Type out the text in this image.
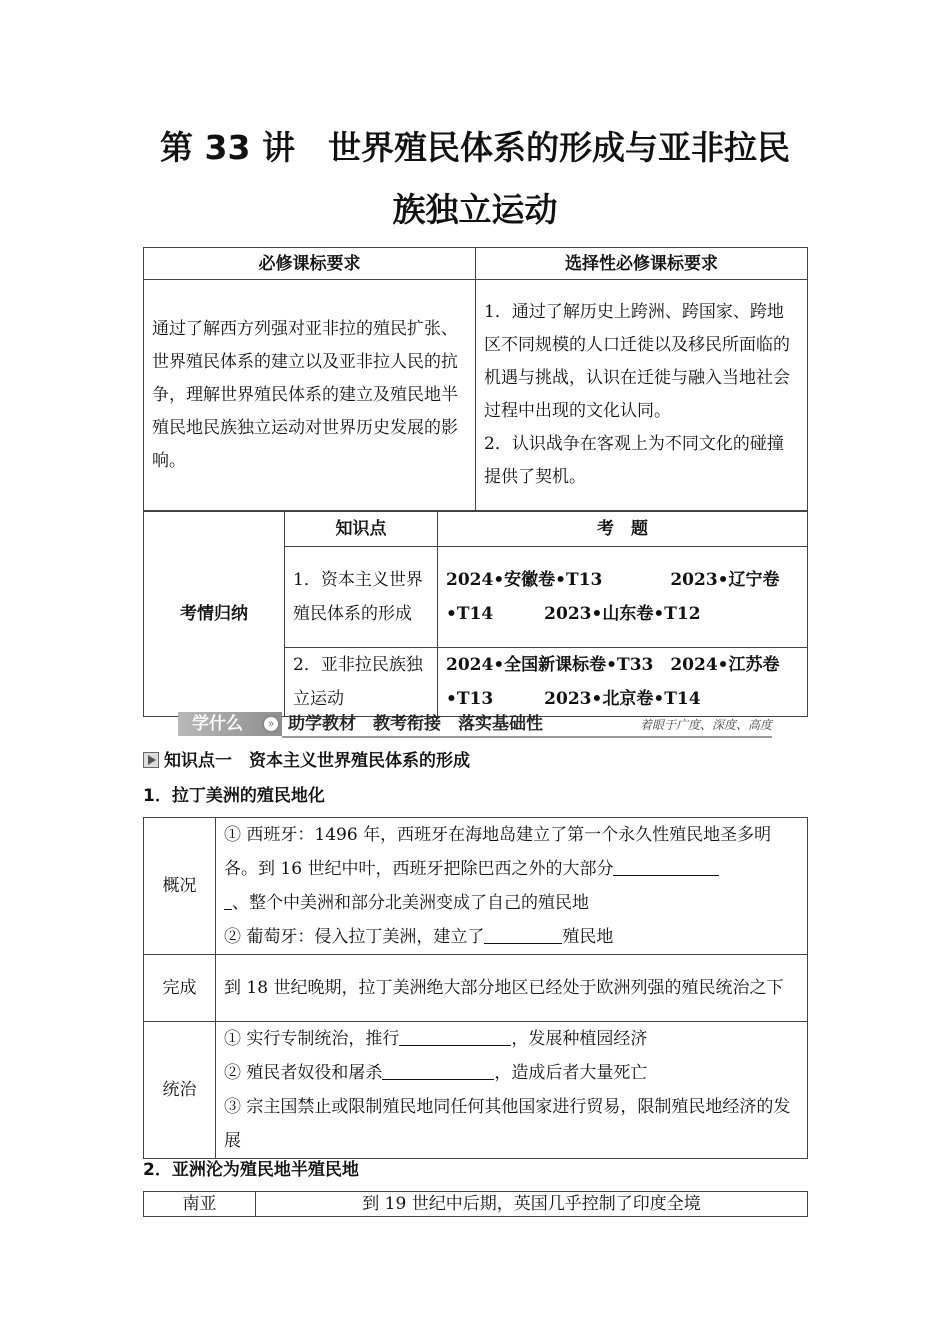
第 33 讲　世界殖民体系的形成与亚非拉民
族独立运动
必修课标要求	选择性必修课标要求
通过了解西方列强对亚非拉的殖民扩张、世界殖民体系的建立以及亚非拉人民的抗争，理解世界殖民体系的建立及殖民地半殖民地民族独立运动对世界历史发展的影响。	1．通过了解历史上跨洲、跨国家、跨地区不同规模的人口迁徙以及移民所面临的机遇与挑战，认识在迁徙与融入当地社会过程中出现的文化认同。
2．认识战争在客观上为不同文化的碰撞提供了契机。
考情归纳	知识点	考　题
	1．资本主义世界殖民体系的形成	2024•安徽卷•T13　　　　2023•辽宁卷•T14　　　2023•山东卷•T12
	2．亚非拉民族独立运动	2024•全国新课标卷•T33　2024•江苏卷•T13　　　2023•北京卷•T14
学什么	» 助学教材　教考衔接　落实基础性	着眼于广度、深度、高度
知识点一　资本主义世界殖民体系的形成
1．拉丁美洲的殖民地化
概况	① 西班牙：1496 年，西班牙在海地岛建立了第一个永久性殖民地圣多明各。到 16 世纪中叶，西班牙把除巴西之外的大部分
、整个中美洲和部分北美洲变成了自己的殖民地
② 葡萄牙：侵入拉丁美洲，建立了 殖民地

完成	到 18 世纪晚期，拉丁美洲绝大部分地区已经处于欧洲列强的殖民统治之下
统治	① 实行专制统治，推行 ，发展种植园经济
② 殖民者奴役和屠杀 ，造成后者大量死亡
③ 宗主国禁止或限制殖民地同任何其他国家进行贸易，限制殖民地经济的发展
2．亚洲沦为殖民地半殖民地
南亚	到 19 世纪中后期，英国几乎控制了印度全境
